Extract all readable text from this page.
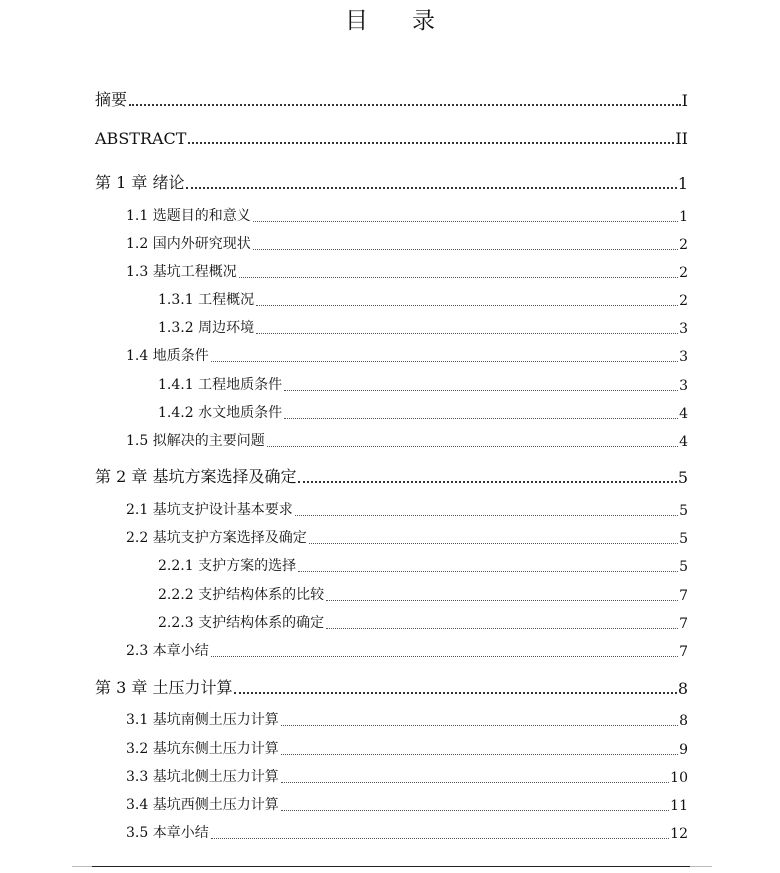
目 录
摘要	I
ABSTRACT	II
第 1 章 绪论	1
1.1 选题目的和意义	1
1.2 国内外研究现状	2
1.3 基坑工程概况	2
1.3.1 工程概况	2
1.3.2 周边环境	3
1.4 地质条件	3
1.4.1 工程地质条件	3
1.4.2 水文地质条件	4
1.5 拟解决的主要问题	4
第 2 章 基坑方案选择及确定	5
2.1 基坑支护设计基本要求	5
2.2 基坑支护方案选择及确定	5
2.2.1 支护方案的选择	5
2.2.2 支护结构体系的比较	7
2.2.3 支护结构体系的确定	7
2.3 本章小结	7
第 3 章 土压力计算	8
3.1 基坑南侧土压力计算	8
3.2 基坑东侧土压力计算	9
3.3 基坑北侧土压力计算	10
3.4 基坑西侧土压力计算	11
3.5 本章小结	12
